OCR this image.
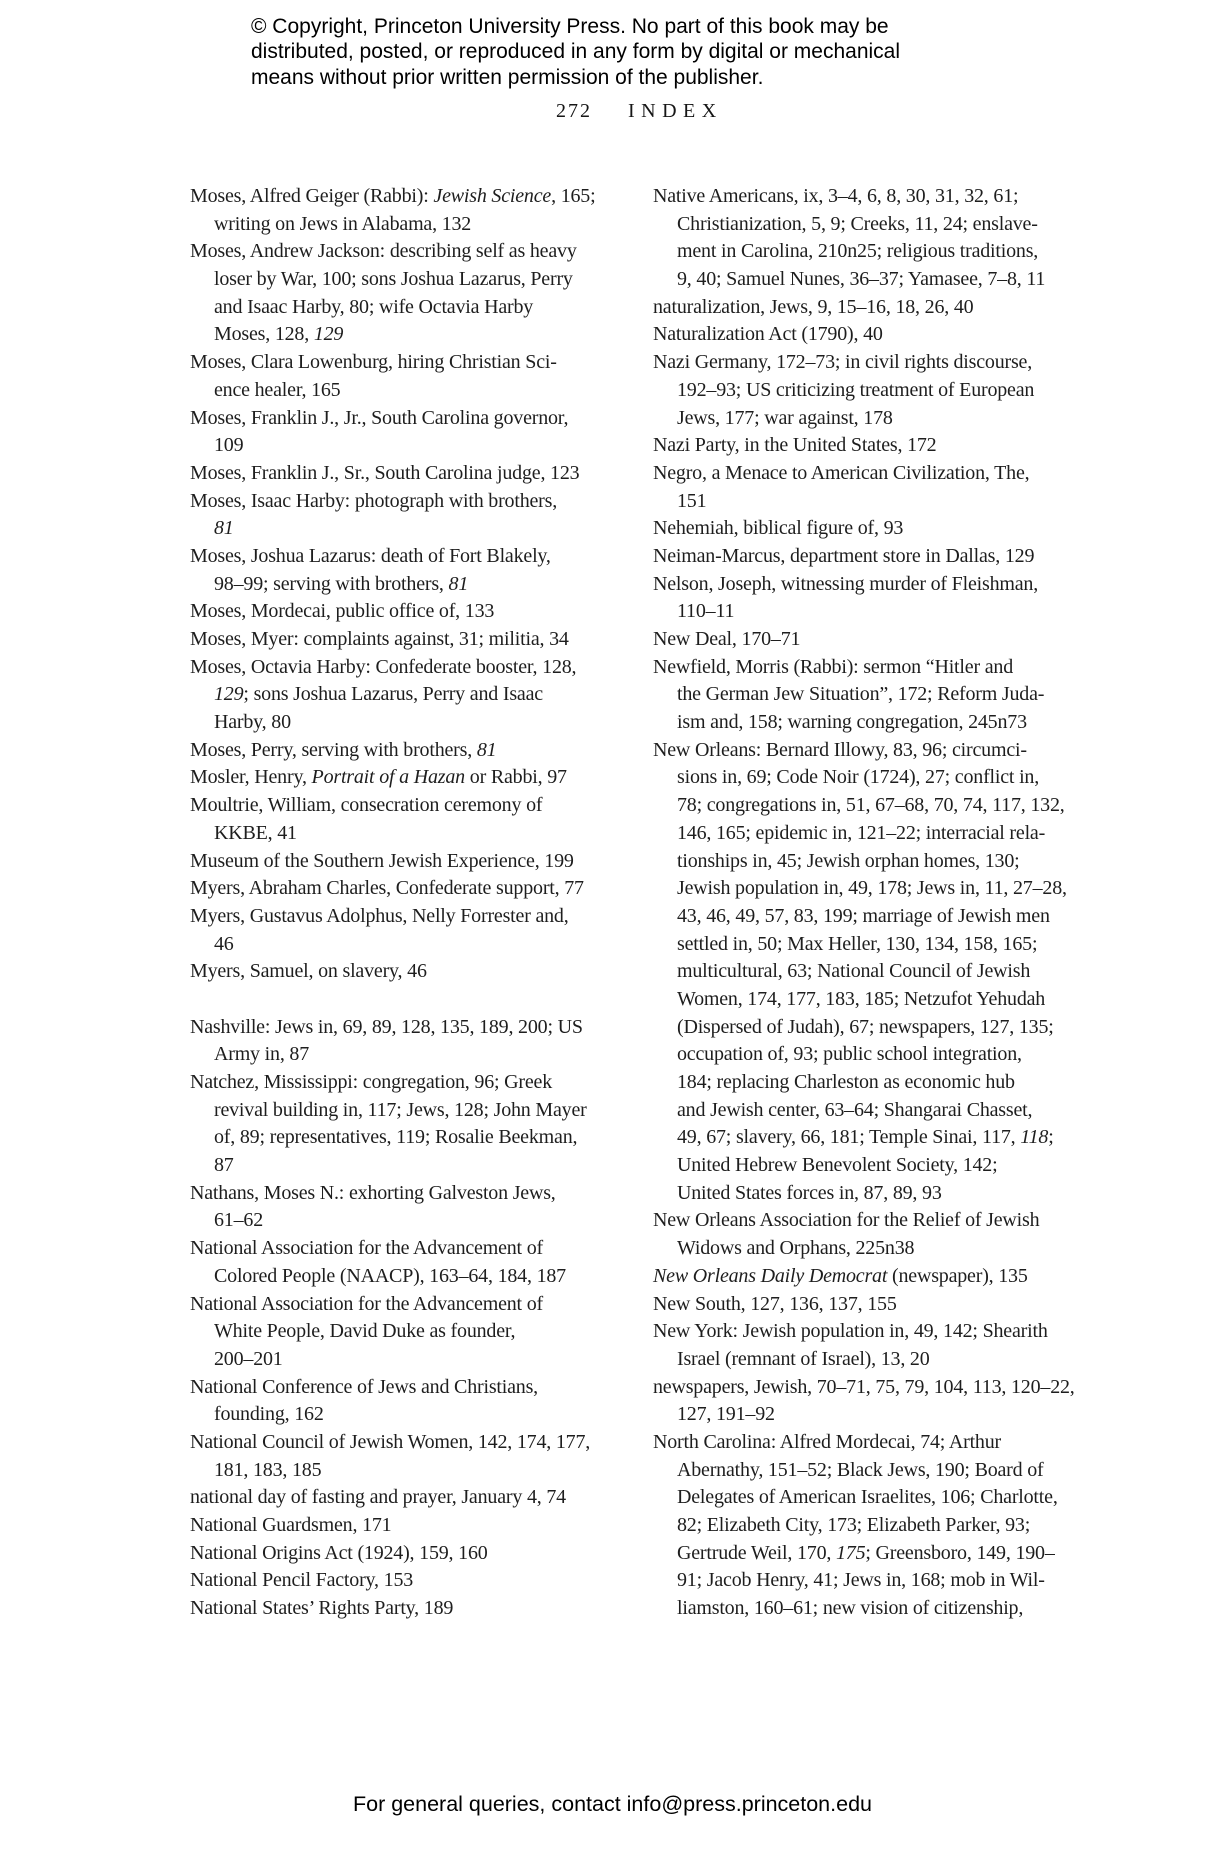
© Copyright, Princeton University Press. No part of this book may be
distributed, posted, or reproduced in any form by digital or mechanical
means without prior written permission of the publisher.
272 INDEX
Moses, Alfred Geiger (Rabbi): Jewish Science, 165;
writing on Jews in Alabama, 132
Moses, Andrew Jackson: describing self as heavy
loser by War, 100; sons Joshua Lazarus, Perry
and Isaac Harby, 80; wife Octavia Harby
Moses, 128, 129
Moses, Clara Lowenburg, hiring Christian Sci-
ence healer, 165
Moses, Franklin J., Jr., South Carolina governor,
109
Moses, Franklin J., Sr., South Carolina judge, 123
Moses, Isaac Harby: photograph with brothers,
81
Moses, Joshua Lazarus: death of Fort Blakely,
98–99; serving with brothers, 81
Moses, Mordecai, public office of, 133
Moses, Myer: complaints against, 31; militia, 34
Moses, Octavia Harby: Confederate booster, 128,
129; sons Joshua Lazarus, Perry and Isaac
Harby, 80
Moses, Perry, serving with brothers, 81
Mosler, Henry, Portrait of a Hazan or Rabbi, 97
Moultrie, William, consecration ceremony of
KKBE, 41
Museum of the Southern Jewish Experience, 199
Myers, Abraham Charles, Confederate support, 77
Myers, Gustavus Adolphus, Nelly Forrester and,
46
Myers, Samuel, on slavery, 46

Nashville: Jews in, 69, 89, 128, 135, 189, 200; US
Army in, 87
Natchez, Mississippi: congregation, 96; Greek
revival building in, 117; Jews, 128; John Mayer
of, 89; representatives, 119; Rosalie Beekman,
87
Nathans, Moses N.: exhorting Galveston Jews,
61–62
National Association for the Advancement of
Colored People (NAACP), 163–64, 184, 187
National Association for the Advancement of
White People, David Duke as founder,
200–201
National Conference of Jews and Christians,
founding, 162
National Council of Jewish Women, 142, 174, 177,
181, 183, 185
national day of fasting and prayer, January 4, 74
National Guardsmen, 171
National Origins Act (1924), 159, 160
National Pencil Factory, 153
National States’ Rights Party, 189
Native Americans, ix, 3–4, 6, 8, 30, 31, 32, 61;
Christianization, 5, 9; Creeks, 11, 24; enslave-
ment in Carolina, 210n25; religious traditions,
9, 40; Samuel Nunes, 36–37; Yamasee, 7–8, 11
naturalization, Jews, 9, 15–16, 18, 26, 40
Naturalization Act (1790), 40
Nazi Germany, 172–73; in civil rights discourse,
192–93; US criticizing treatment of European
Jews, 177; war against, 178
Nazi Party, in the United States, 172
Negro, a Menace to American Civilization, The,
151
Nehemiah, biblical figure of, 93
Neiman-Marcus, department store in Dallas, 129
Nelson, Joseph, witnessing murder of Fleishman,
110–11
New Deal, 170–71
Newfield, Morris (Rabbi): sermon “Hitler and
the German Jew Situation”, 172; Reform Juda-
ism and, 158; warning congregation, 245n73
New Orleans: Bernard Illowy, 83, 96; circumci-
sions in, 69; Code Noir (1724), 27; conflict in,
78; congregations in, 51, 67–68, 70, 74, 117, 132,
146, 165; epidemic in, 121–22; interracial rela-
tionships in, 45; Jewish orphan homes, 130;
Jewish population in, 49, 178; Jews in, 11, 27–28,
43, 46, 49, 57, 83, 199; marriage of Jewish men
settled in, 50; Max Heller, 130, 134, 158, 165;
multicultural, 63; National Council of Jewish
Women, 174, 177, 183, 185; Netzufot Yehudah
(Dispersed of Judah), 67; newspapers, 127, 135;
occupation of, 93; public school integration,
184; replacing Charleston as economic hub
and Jewish center, 63–64; Shangarai Chasset,
49, 67; slavery, 66, 181; Temple Sinai, 117, 118;
United Hebrew Benevolent Society, 142;
United States forces in, 87, 89, 93
New Orleans Association for the Relief of Jewish
Widows and Orphans, 225n38
New Orleans Daily Democrat (newspaper), 135
New South, 127, 136, 137, 155
New York: Jewish population in, 49, 142; Shearith
Israel (remnant of Israel), 13, 20
newspapers, Jewish, 70–71, 75, 79, 104, 113, 120–22,
127, 191–92
North Carolina: Alfred Mordecai, 74; Arthur
Abernathy, 151–52; Black Jews, 190; Board of
Delegates of American Israelites, 106; Charlotte,
82; Elizabeth City, 173; Elizabeth Parker, 93;
Gertrude Weil, 170, 175; Greensboro, 149, 190–
91; Jacob Henry, 41; Jews in, 168; mob in Wil-
liamston, 160–61; new vision of citizenship,
For general queries, contact info@press.princeton.edu
